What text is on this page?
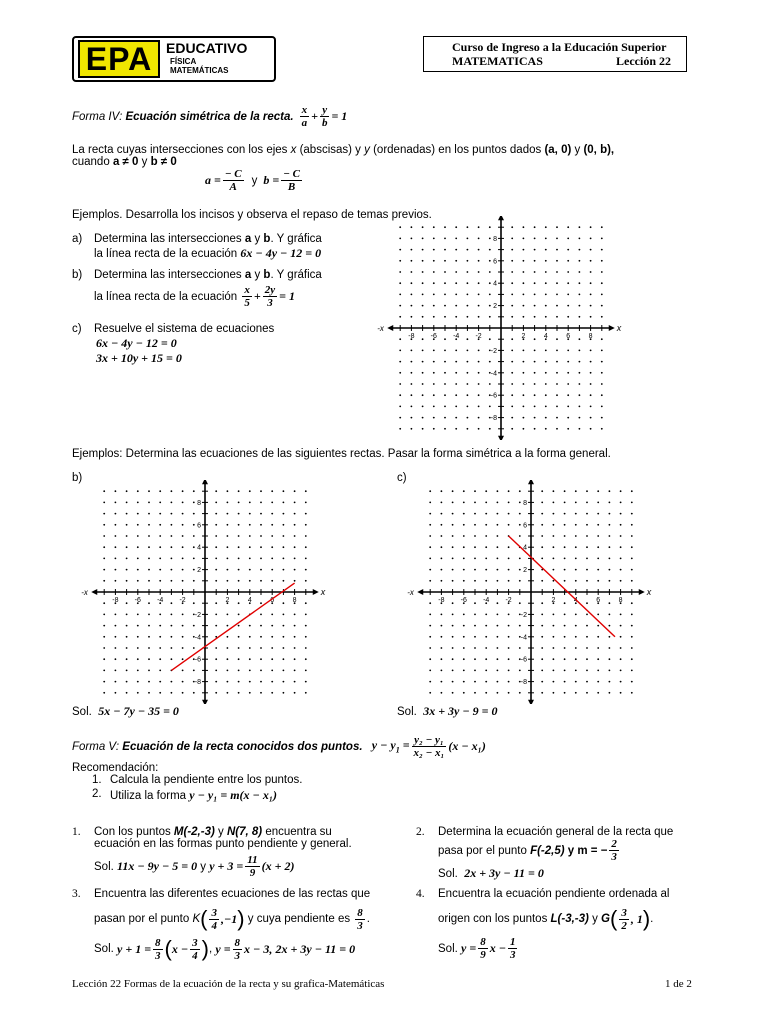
EPA EDUCATIVO
FÍSICA
MATEMÁTICAS
Curso de Ingreso a la Educación Superior
MATEMATICAS	Lección 22
Forma IV:
Ecuación simétrica de la recta. $\frac{x}{a} + \frac{y}{b} = 1$
La recta cuyas intersecciones con los ejes x (abscisas) y y (ordenadas) en los puntos dados (a, 0) y (0, b),
cuando a ≠ 0 y b ≠ 0
$a = \frac{- C}{A}$ y $b = \frac{- C}{B}$
Ejemplos. Desarrolla los incisos y observa el repaso de temas previos.
a) Determina las intersecciones a y b. Y gráfica
la línea recta de la ecuación 6x − 4y − 12 = 0
b) Determina las intersecciones a y b. Y gráfica
la línea recta de la ecuación
$\frac{x}{5} + \frac{2y}{3} = 1$
c) Resuelve el sistema de ecuaciones
6x − 4y − 12 = 0
3x + 10y + 15 = 0
-8
-8
-6
-6
-4
-4
-2
-2
2
2
4
4
6
6
8
8
x
-x
Ejemplos: Determina las ecuaciones de las siguientes rectas. Pasar la forma simétrica a la forma general.
b)	c)
-8
-8
-6
-6
-4
-4
-2
-2
2
2
4
4
6
6
8
8
x
-x
-8
-8
-6
-6
-4
-4
-2
-2
2
2
4
4
6
6
8
8
x
-x
Sol. 5x − 7y − 35 = 0	Sol. 3x + 3y − 9 = 0
Forma V:
Ecuación de la recta conocidos dos puntos.
$y - y_1 = \frac{\text{y₂ − y₁}}{\text{x₂ − x₁}} (x - x_1)$
Recomendación:
1. Calcula la pendiente entre los puntos.
2. Utiliza la forma y − y₁ = m(x − x₁)
1. Con los puntos M(-2,-3) y N(7, 8) encuentra su
ecuación en las formas punto pendiente y general.
Sol.
11x − 9y − 5 = 0
y
$y + 3 = \frac{11}{9} (x + 2)$
2. Determina la ecuación general de la recta que
pasa por el punto
F(-2,5)
y m = − $\frac{2}{3}$
Sol. 2x + 3y − 11 = 0
3. Encuentra las diferentes ecuaciones de las rectas que
pasan por el punto
K ( $\frac{3}{4} ,-1$ )
y cuya pendiente es
$\frac{8}{3}$ .
Sol.
$y + 1 = \frac{8}{3}$ ( $x - \frac{3}{4}$ ) , $y = \frac{8}{3}$ x − 3,
2x + 3y − 11 = 0
4. Encuentra la ecuación pendiente ordenada al
origen con los puntos
L(-3,-3)
y
G ( $\frac{3}{2}$ , 1 ) .
Sol.
$y = \frac{8}{9}$ $x - \frac{1}{3}$
Lección 22 Formas de la ecuación de la recta y su grafica-Matemáticas	1 de 2
